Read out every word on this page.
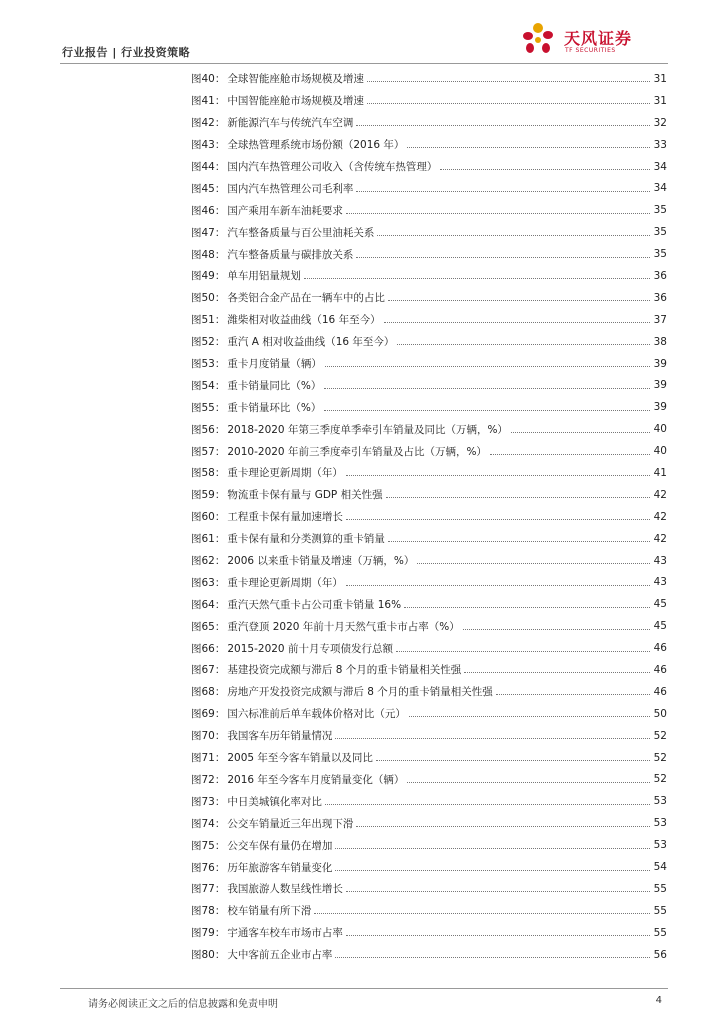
行业报告 | 行业投资策略
天风证券
TF SECURITIES
图40： 全球智能座舱市场规模及增速	31
图41： 中国智能座舱市场规模及增速	31
图42： 新能源汽车与传统汽车空调	32
图43： 全球热管理系统市场份额（2016 年）	33
图44： 国内汽车热管理公司收入（含传统车热管理）	34
图45： 国内汽车热管理公司毛利率	34
图46： 国产乘用车新车油耗要求	35
图47： 汽车整备质量与百公里油耗关系	35
图48： 汽车整备质量与碳排放关系	35
图49： 单车用铝量规划	36
图50： 各类铝合金产品在一辆车中的占比	36
图51： 潍柴相对收益曲线（16 年至今）	37
图52： 重汽 A 相对收益曲线（16 年至今）	38
图53： 重卡月度销量（辆）	39
图54： 重卡销量同比（%）	39
图55： 重卡销量环比（%）	39
图56： 2018-2020 年第三季度单季牵引车销量及同比（万辆，%）	40
图57： 2010-2020 年前三季度牵引车销量及占比（万辆，%）	40
图58： 重卡理论更新周期（年）	41
图59： 物流重卡保有量与 GDP 相关性强	42
图60： 工程重卡保有量加速增长	42
图61： 重卡保有量和分类测算的重卡销量	42
图62： 2006 以来重卡销量及增速（万辆，%）	43
图63： 重卡理论更新周期（年）	43
图64： 重汽天然气重卡占公司重卡销量 16%	45
图65： 重汽登顶 2020 年前十月天然气重卡市占率（%）	45
图66： 2015-2020 前十月专项债发行总额	46
图67： 基建投资完成额与滞后 8 个月的重卡销量相关性强	46
图68： 房地产开发投资完成额与滞后 8 个月的重卡销量相关性强	46
图69： 国六标准前后单车载体价格对比（元）	50
图70： 我国客车历年销量情况	52
图71： 2005 年至今客车销量以及同比	52
图72： 2016 年至今客车月度销量变化（辆）	52
图73： 中日美城镇化率对比	53
图74： 公交车销量近三年出现下滑	53
图75： 公交车保有量仍在增加	53
图76： 历年旅游客车销量变化	54
图77： 我国旅游人数呈线性增长	55
图78： 校车销量有所下滑	55
图79： 宇通客车校车市场市占率	55
图80： 大中客前五企业市占率	56
请务必阅读正文之后的信息披露和免责申明	4
